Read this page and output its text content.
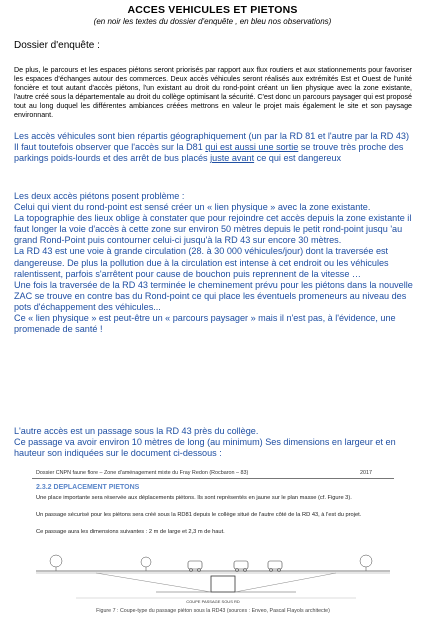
ACCES VEHICULES ET PIETONS

(en noir les textes du dossier d'enquête , en bleu nos observations)

Dossier d'enquête :

De plus, le parcours et les espaces piétons seront priorisés par rapport aux flux routiers et aux stationnements pour favoriser les espaces d'échanges autour des commerces. Deux accès véhicules seront réalisés aux extrémités Est et Ouest de l'unité foncière et tout autant d'accès piétons, l'un existant au droit du rond-point créant un lien physique avec la zone existante, l'autre créé sous la départementale au droit du collège optimisant la sécurité. C'est donc un parcours paysager qui est proposé tout au long duquel les différentes ambiances créées mettrons en valeur le projet mais également le site et son paysage environnant.

Les accès véhicules sont bien répartis géographiquement (un par la RD 81 et l'autre par la RD 43) Il faut toutefois observer que l'accès sur la D81 qui est aussi une sortie se trouve très proche des parkings poids-lourds et des arrêt de bus placés juste avant ce qui est dangereux

Les deux accès piétons posent problème :
Celui qui vient du rond-point est sensé créer un « lien physique » avec la zone existante.
La topographie des lieux oblige à constater que pour rejoindre cet accès depuis la zone existante il faut longer la voie d'accès à cette zone sur environ 50 mètres depuis le petit rond-point jusqu 'au grand Rond-Point puis contourner celui-ci jusqu'à la RD 43 sur encore 30 mètres.
La RD 43 est une voie à grande circulation (28. à 30 000 véhicules/jour) dont la traversée est dangereuse. De plus la pollution due à la circulation est intense à cet endroit ou les véhicules ralentissent, parfois s'arrêtent pour cause de bouchon puis reprennent de la vitesse …
Une fois la traversée de la RD 43 terminée le cheminement prévu pour les piétons dans la nouvelle ZAC se trouve en contre bas du Rond-point ce qui place les éventuels promeneurs au niveau des pots d'échappement des véhicules...
Ce « lien physique » est peut-être un « parcours paysager » mais il n'est pas, à l'évidence, une promenade de santé !
L'autre accès est un passage sous la RD 43 près du collège.
Ce passage va avoir environ 10 mètres de long (au minimum) Ses dimensions en largeur et en hauteur son indiquées sur le document ci-dessous :
Dossier CNPN faune flore – Zone d'aménagement mixte du Fray Redon (Rocbaron – 83)	2017
2.3.2 DEPLACEMENT PIETONS
Une place importante sera réservée aux déplacements piétons. Ils sont représentés en jaune sur le plan masse (cf. Figure 3).
Un passage sécurisé pour les piétons sera créé sous la RD81 depuis le collège situé de l'autre côté de la RD 43, à l'est du projet.
Ce passage aura les dimensions suivantes : 2 m de large et 2,3 m de haut.
COUPE PASSAGE SOUS RD
Figure 7 : Coupe-type du passage piéton sous la RD43 (sources : Enveo, Pascal Flayols architecte)
